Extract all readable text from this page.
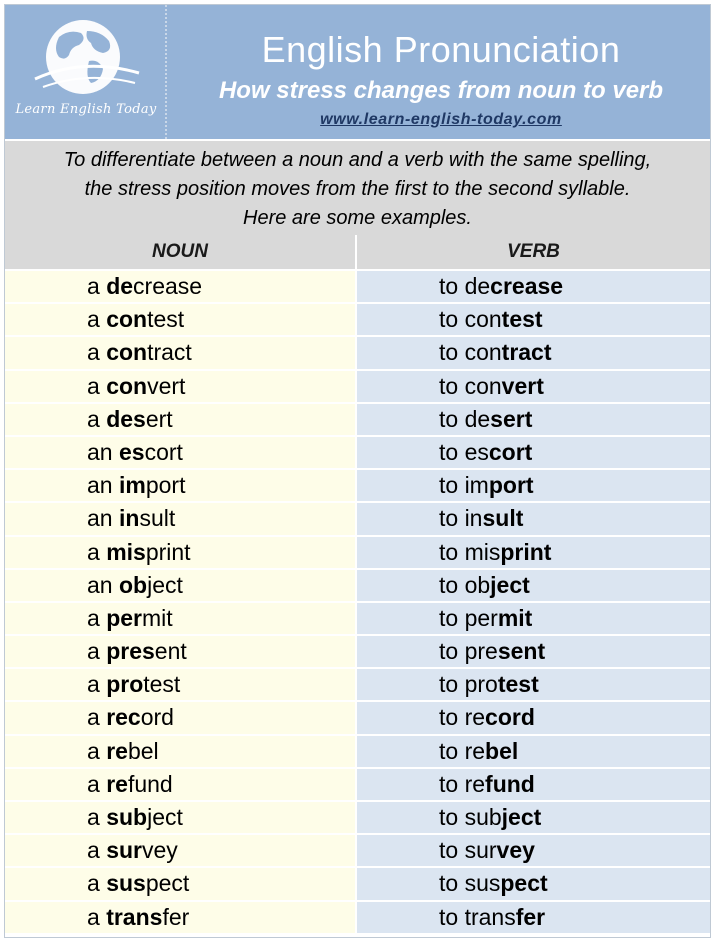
Learn English Today
English Pronunciation
How stress changes from noun to verb
www.learn-english-today.com
To differentiate between a noun and a verb with the same spelling,
the stress position moves from the first to the second syllable.
Here are some examples.
NOUN	VERB
a decrease	to decrease
a contest	to contest
a contract	to contract
a convert	to convert
a desert	to desert
an escort	to escort
an import	to import
an insult	to insult
a misprint	to misprint
an object	to object
a permit	to permit
a present	to present
a protest	to protest
a record	to record
a rebel	to rebel
a refund	to refund
a subject	to subject
a survey	to survey
a suspect	to suspect
a transfer	to transfer
